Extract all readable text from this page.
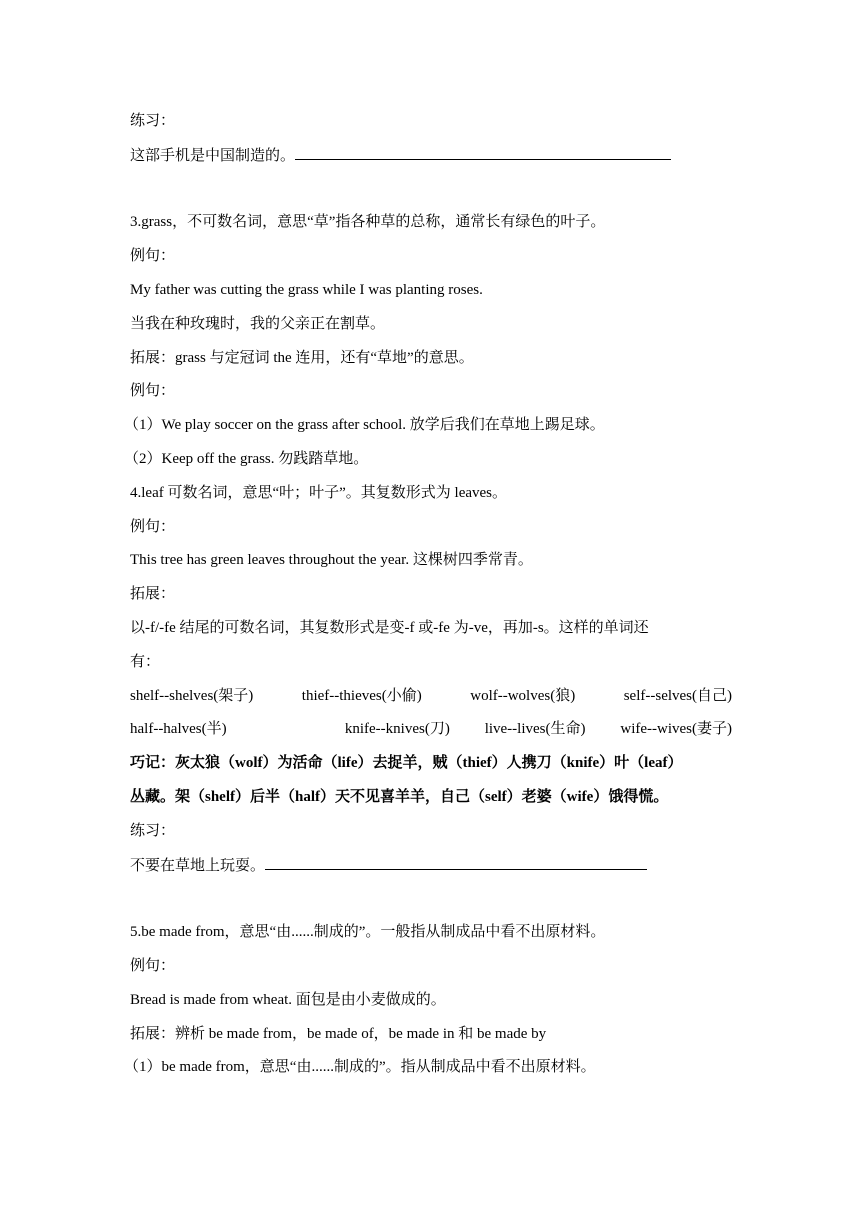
练习：
这部手机是中国制造的。
3.grass，不可数名词，意思“草”指各种草的总称，通常长有绿色的叶子。
例句：
My father was cutting the grass while I was planting roses.
当我在种玫瑰时，我的父亲正在割草。
拓展：grass 与定冠词 the 连用，还有“草地”的意思。
例句：
（1）We play soccer on the grass after school. 放学后我们在草地上踢足球。
（2）Keep off the grass. 勿践踏草地。
4.leaf 可数名词，意思“叶；叶子”。其复数形式为 leaves。
例句：
This tree has green leaves throughout the year. 这棵树四季常青。
拓展：
以-f/-fe 结尾的可数名词，其复数形式是变-f 或-fe 为-ve，再加-s。这样的单词还
有：
shelf--shelves(架子)	thief--thieves(小偷)	wolf--wolves(狼)	self--selves(自己)
half--halves(半)	knife--knives(刀) live--lives(生命) wife--wives(妻子)
巧记：灰太狼（wolf）为活命（life）去捉羊，贼（thief）人携刀（knife）叶（leaf）
丛藏。架（shelf）后半（half）天不见喜羊羊，自己（self）老婆（wife）饿得慌。
练习：
不要在草地上玩耍。
5.be made from，意思“由......制成的”。一般指从制成品中看不出原材料。
例句：
Bread is made from wheat. 面包是由小麦做成的。
拓展：辨析 be made from，be made of，be made in 和 be made by
（1）be made from，意思“由......制成的”。指从制成品中看不出原材料。
